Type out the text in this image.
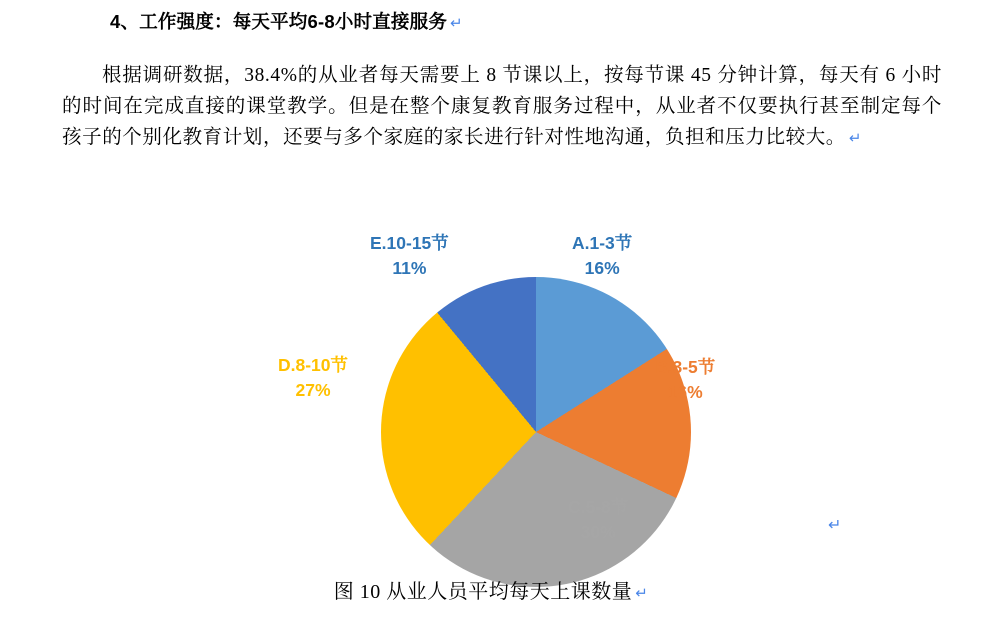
4、工作强度：每天平均6-8小时直接服务 ↵
根据调研数据，38.4%的从业者每天需要上 8 节课以上，按每节课 45 分钟计算，每天有 6 小时的时间在完成直接的课堂教学。但是在整个康复教育服务过程中，从业者不仅要执行甚至制定每个孩子的个别化教育计划，还要与多个家庭的家长进行针对性地沟通，负担和压力比较大。 ↵
A.1-3节
16%
B.3-5节
16%
C.5-8节
30%
D.8-10节
27%
E.10-15节
11%
↵
图 10 从业人员平均每天上课数量 ↵
